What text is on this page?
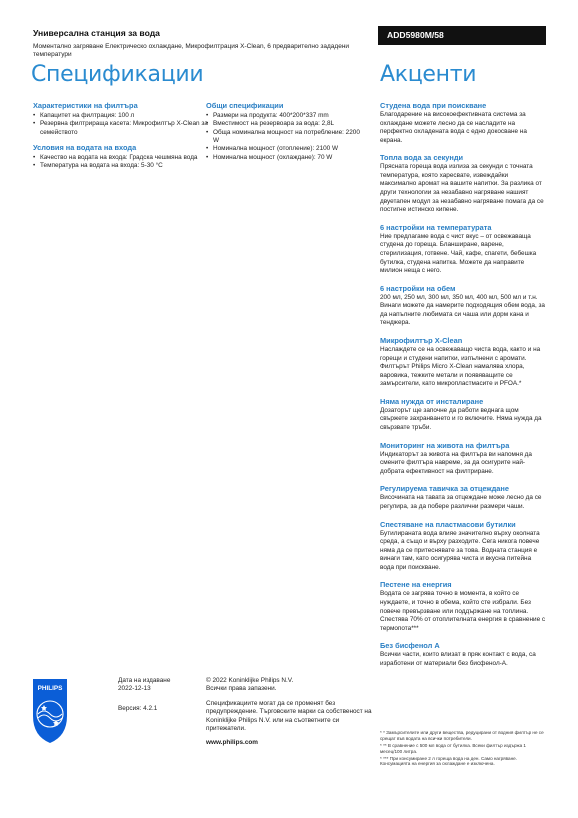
Универсална станция за вода
Моментално загряване Електрическо охлаждане, Микрофилтрация X-Clean, 6 предварително зададени температури
ADD5980M/58
Спецификации	Акценти
Характеристики на филтъра
• Капацитет на филтрация: 100 л
• Резервна филтрираща касета: Микрофилтър X-Clean за семейството
Условия на водата на входа
• Качество на водата на входа: Градска чешмяна вода
• Температура на водата на входа: 5-30 °C
Общи спецификации
• Размери на продукта: 400*200*337 mm
• Вместимост на резервоара за вода: 2,8L
• Обща номинална мощност на потребление: 2200 W
• Номинална мощност (отопление): 2100 W
• Номинална мощност (охлаждане): 70 W
Студена вода при поискване
Благодарение на високоефективната система за охлаждане можете лесно да се насладите на перфектно охладената вода с едно докосване на екрана.
Топла вода за секунди
Прясната гореща вода излиза за секунди с точната температура, която харесвате, извеждайки максимално аромат на вашите напитки. За разлика от други технологии за незабавно нагряване нашият двуетапен модул за незабавно нагряване помага да се постигне истинско кипене.
6 настройки на температурата
Ние предлагаме вода с чист вкус – от освежаваща студена до гореща. Бланширане, варене, стерилизация, готвене. Чай, кафе, спагети, бебешка бутилка, студена напитка. Можете да направите милион неща с него.
6 настройки на обем
200 мл, 250 мл, 300 мл, 350 мл, 400 мл, 500 мл и т.н. Винаги можете да намерите подходящия обем вода, за да напълните любимата си чаша или дорм кана и тенджера.
Микрофилтър X-Clean
Наслаждете се на освежаващо чиста вода, както и на горещи и студени напитки, изпълнени с аромати. Филтърът Philips Micro X-Clean намалява хлора, варовика, тежките метали и появяващите се замърсители, като микропластмасите и PFOA.*
Няма нужда от инсталиране
Дозаторът ще започне да работи веднага щом свържете захранването и го включите. Няма нужда да свързвате тръби.
Мониторинг на живота на филтъра
Индикаторът за живота на филтъра ви напомня да смените филтъра навреме, за да осигурите най-добрата ефективност на филтриране.
Регулируема тавичка за отцеждане
Височината на тавата за отцеждане може лесно да се регулира, за да побере различни размери чаши.
Спестяване на пластмасови бутилки
Бутилираната вода влияе значително върху околната среда, а също и върху разходите. Сега никога повече няма да се притеснявате за това. Водната станция е винаги там, като осигурява чиста и вкусна питейна вода при поискване.
Пестене на енергия
Водата се загрява точно в момента, в който се нуждаете, и точно в обема, който сте избрали. Без повече превързване или поддържане на топлина. Спестява 70% от отоплителната енергия в сравнение с термопота***
Без бисфенол А
Всички части, които влизат в пряк контакт с вода, са изработени от материали без бисфенол-А.
PHILIPS
Дата на издаване
2022-12-13
Версия: 4.2.1
© 2022 Koninklijke Philips N.V.
Всички права запазени.
Спецификациите могат да се променят без предупреждение. Търговските марки са собственост на Koninklijke Philips N.V. или на съответните си притежатели.
www.philips.com

* * Замърсителите или други вещества, редуцирани от водния филтър не се срещат във водата на всички потребители.

* ** В сравнение с 500 мл вода от бутилка. Всеки филтър издържа 1 месец/100 литра.

* *** При консумиране 2 л гореща вода на ден. Само нагряване. Консумацията на енергия за охлаждане е изключена.
